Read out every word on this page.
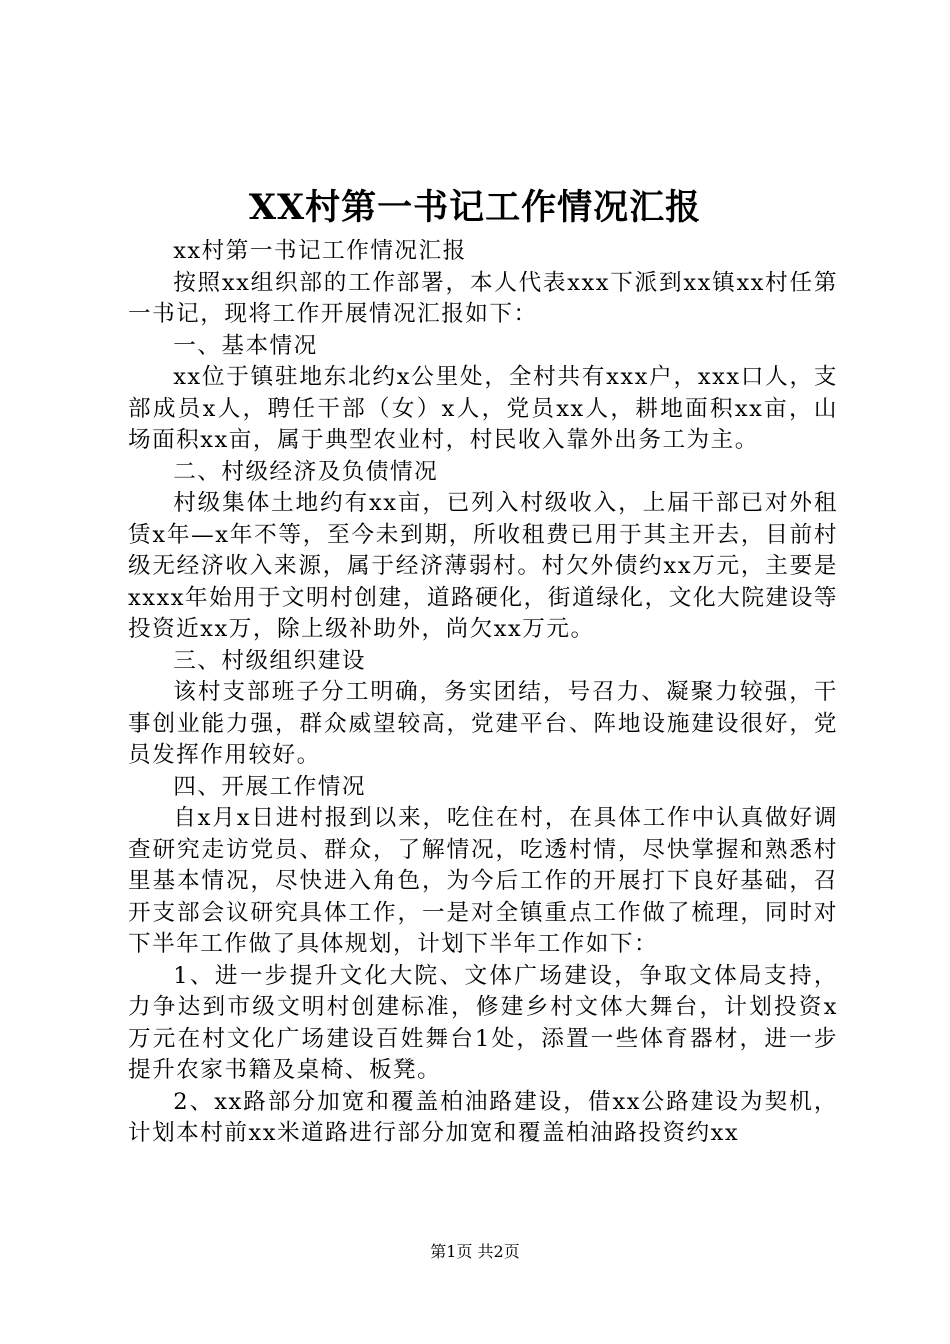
XX村第一书记工作情况汇报

xx村第一书记工作情况汇报

按照xx组织部的工作部署，本人代表xxx下派到xx镇xx村任第一书记，现将工作开展情况汇报如下：

一、基本情况

xx位于镇驻地东北约x公里处，全村共有xxx户，xxx口人，支部成员x人，聘任干部（女）x人，党员xx人，耕地面积xx亩，山场面积xx亩，属于典型农业村，村民收入靠外出务工为主。

二、村级经济及负债情况

村级集体土地约有xx亩，已列入村级收入，上届干部已对外租赁x年—x年不等，至今未到期，所收租费已用于其主开去，目前村级无经济收入来源，属于经济薄弱村。村欠外债约xx万元，主要是xxxx年始用于文明村创建，道路硬化，街道绿化，文化大院建设等投资近xx万，除上级补助外，尚欠xx万元。

三、村级组织建设

该村支部班子分工明确，务实团结，号召力、凝聚力较强，干事创业能力强，群众威望较高，党建平台、阵地设施建设很好，党员发挥作用较好。

四、开展工作情况

自x月x日进村报到以来，吃住在村，在具体工作中认真做好调查研究走访党员、群众，了解情况，吃透村情，尽快掌握和熟悉村里基本情况，尽快进入角色，为今后工作的开展打下良好基础，召开支部会议研究具体工作，一是对全镇重点工作做了梳理，同时对下半年工作做了具体规划，计划下半年工作如下：

1、进一步提升文化大院、文体广场建设，争取文体局支持，力争达到市级文明村创建标准，修建乡村文体大舞台，计划投资x万元在村文化广场建设百姓舞台1处，添置一些体育器材，进一步提升农家书籍及桌椅、板凳。

2、xx路部分加宽和覆盖柏油路建设，借xx公路建设为契机，计划本村前xx米道路进行部分加宽和覆盖柏油路投资约xx

第1页 共2页
